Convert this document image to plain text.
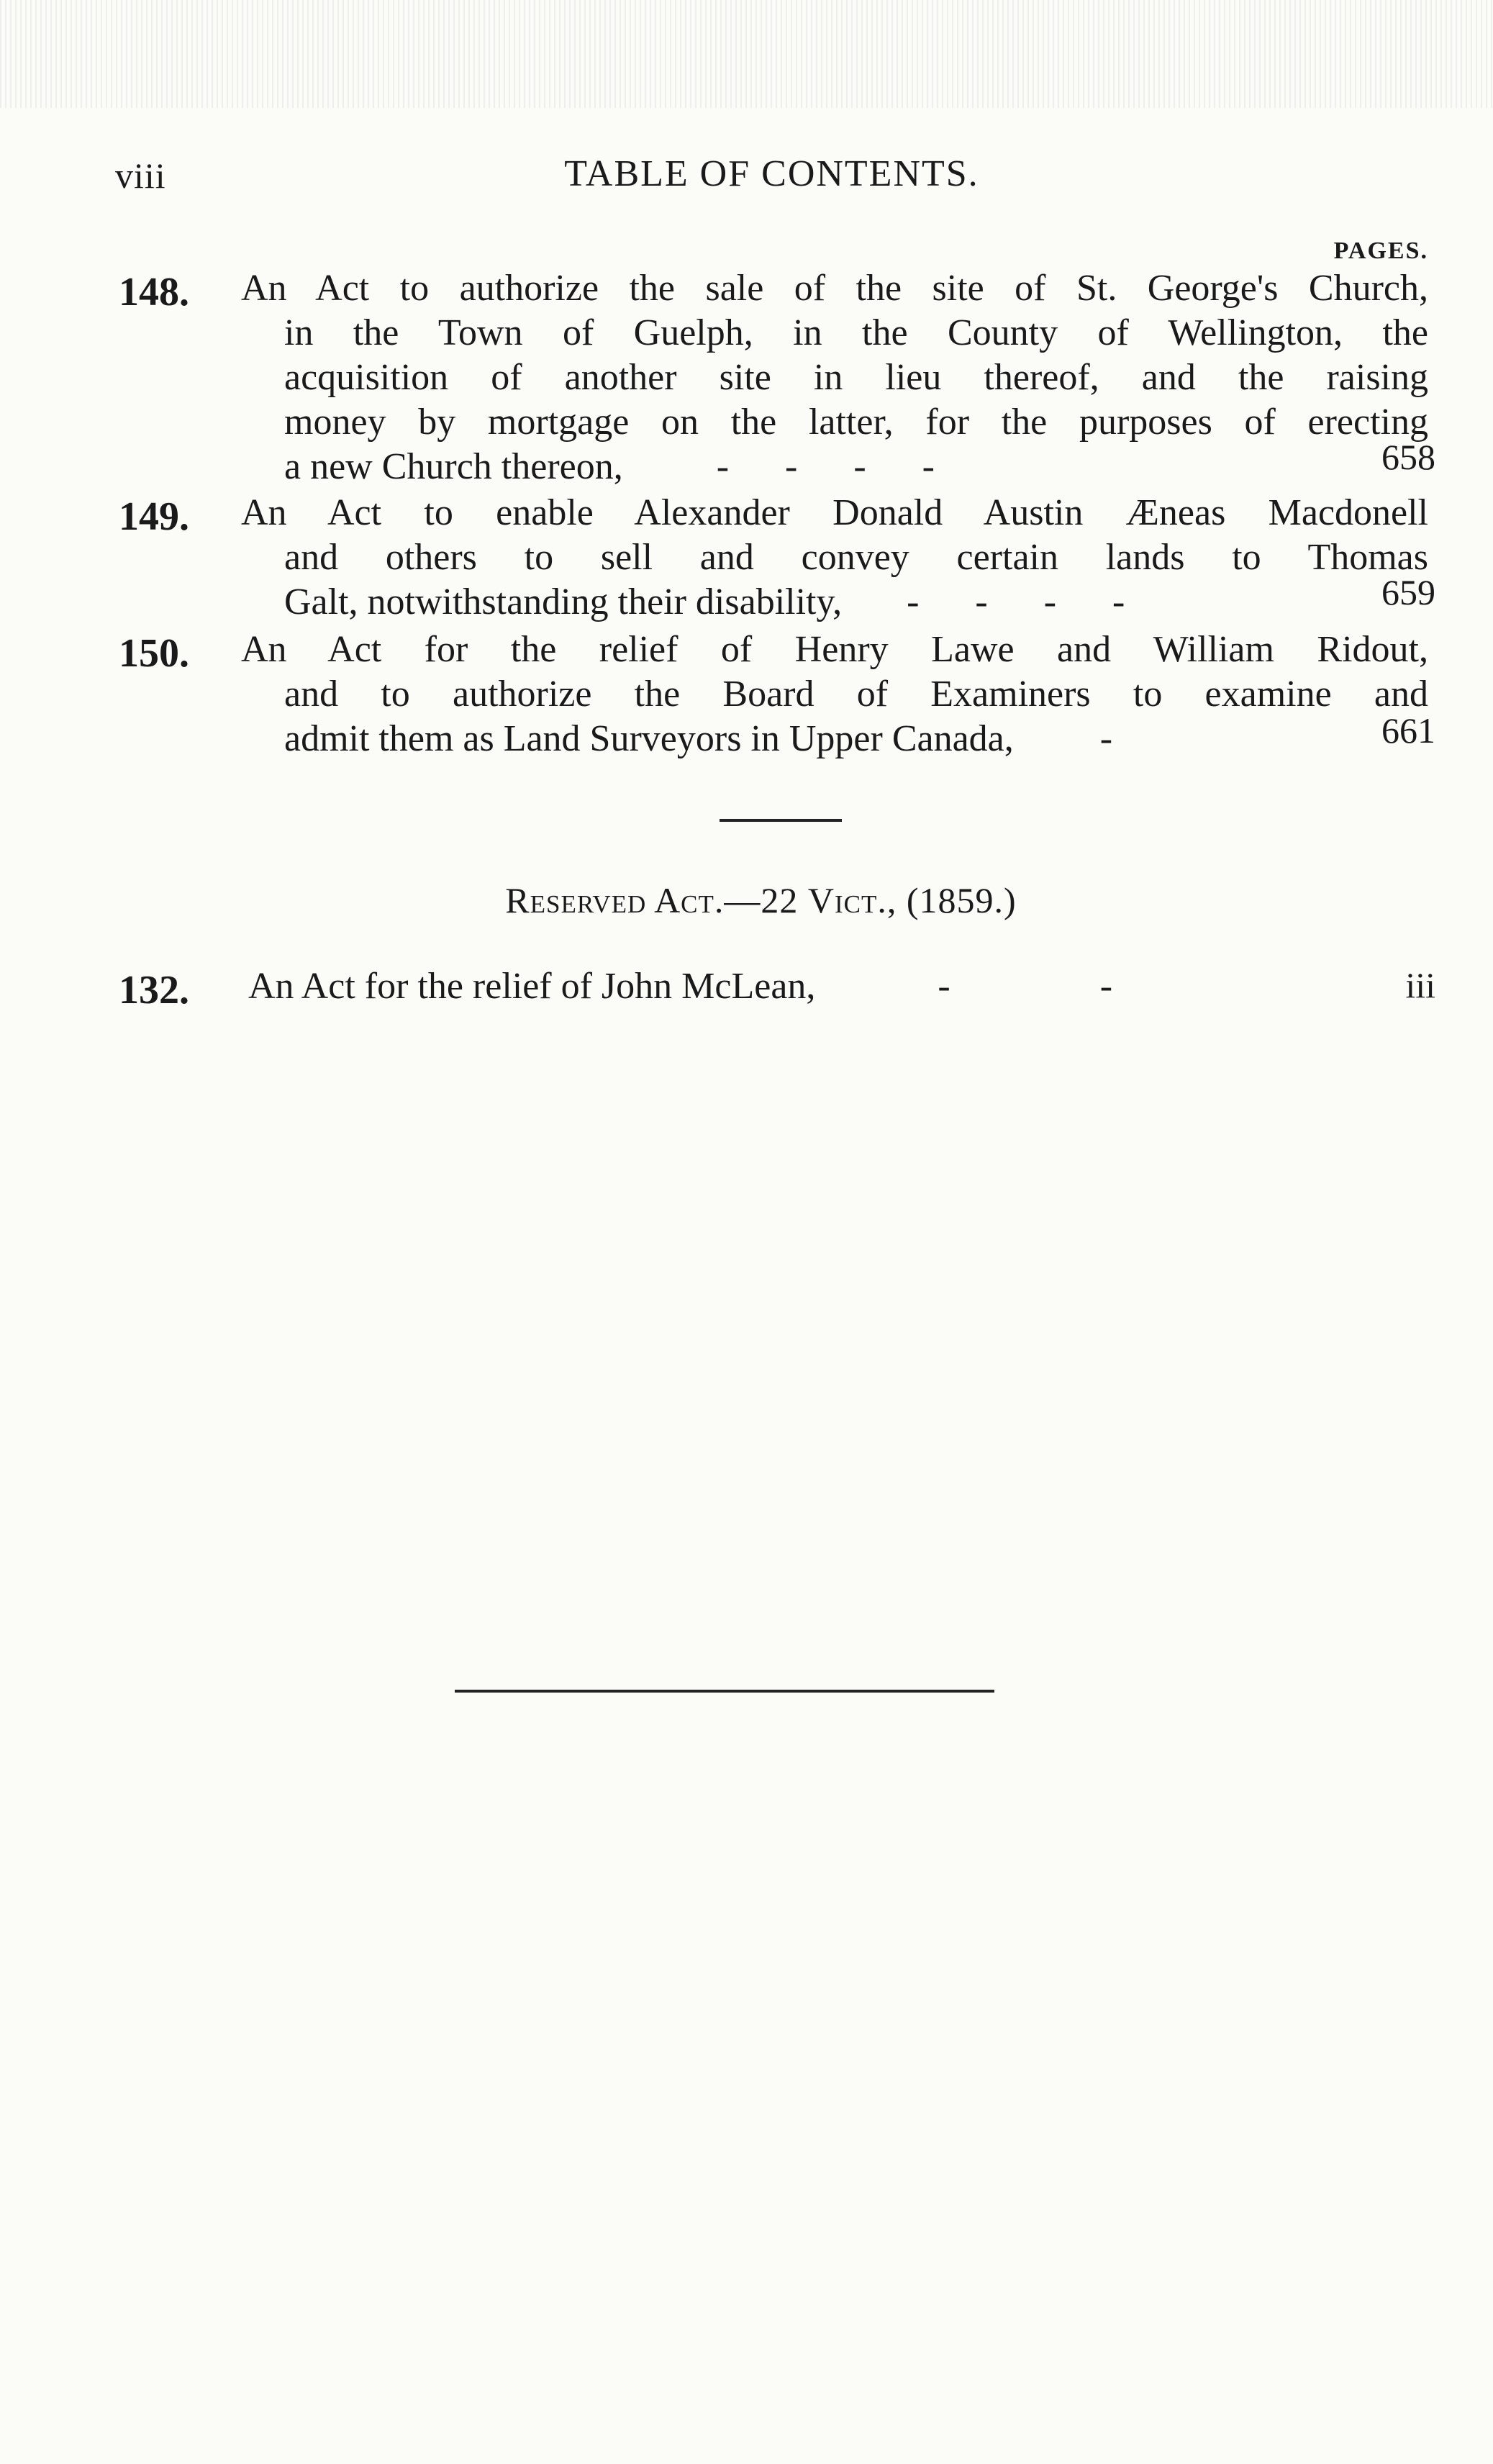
viii	TABLE OF CONTENTS.
PAGES.
148. An Act to authorize the sale of the site of St. George's Church,
in the Town of Guelph, in the County of Wellington, the
acquisition of another site in lieu thereof, and the raising
money by mortgage on the latter, for the purposes of erecting
a new Church thereon,	-      -      -      -	658
149. An Act to enable Alexander Donald Austin Æneas Macdonell
and others to sell and convey certain lands to Thomas
Galt, notwithstanding their disability, -      -      -      -	659
150. An Act for the relief of Henry Lawe and William Ridout,
and to authorize the Board of Examiners to examine and
admit them as Land Surveyors in Upper Canada, -	661
Reserved Act.—22 Vict., (1859.)
132. An Act for the relief of John McLean,	-                -	iii
